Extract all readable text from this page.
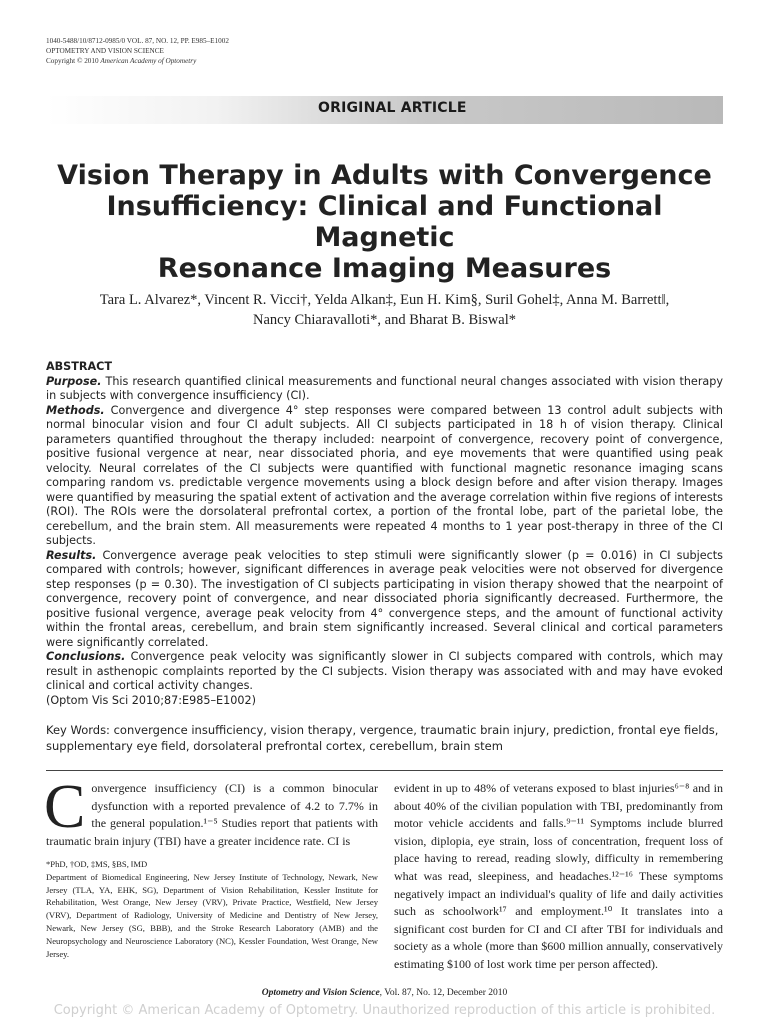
1040-5488/10/8712-0985/0 VOL. 87, NO. 12, PP. E985–E1002
OPTOMETRY AND VISION SCIENCE
Copyright © 2010 American Academy of Optometry
ORIGINAL ARTICLE
Vision Therapy in Adults with Convergence
Insufficiency: Clinical and Functional Magnetic
Resonance Imaging Measures
Tara L. Alvarez*, Vincent R. Vicci†, Yelda Alkan‡, Eun H. Kim§, Suril Gohel‡, Anna M. Barrett‖,
Nancy Chiaravalloti*, and Bharat B. Biswal*

ABSTRACT

Purpose. This research quantified clinical measurements and functional neural changes associated with vision therapy in subjects with convergence insufficiency (CI).

Methods. Convergence and divergence 4° step responses were compared between 13 control adult subjects with normal binocular vision and four CI adult subjects. All CI subjects participated in 18 h of vision therapy. Clinical parameters quantified throughout the therapy included: nearpoint of convergence, recovery point of convergence, positive fusional vergence at near, near dissociated phoria, and eye movements that were quantified using peak velocity. Neural correlates of the CI subjects were quantified with functional magnetic resonance imaging scans comparing random vs. predictable vergence movements using a block design before and after vision therapy. Images were quantified by measuring the spatial extent of activation and the average correlation within five regions of interests (ROI). The ROIs were the dorsolateral prefrontal cortex, a portion of the frontal lobe, part of the parietal lobe, the cerebellum, and the brain stem. All measurements were repeated 4 months to 1 year post-therapy in three of the CI subjects.

Results. Convergence average peak velocities to step stimuli were significantly slower (p = 0.016) in CI subjects compared with controls; however, significant differences in average peak velocities were not observed for divergence step responses (p = 0.30). The investigation of CI subjects participating in vision therapy showed that the nearpoint of convergence, recovery point of convergence, and near dissociated phoria significantly decreased. Furthermore, the positive fusional vergence, average peak velocity from 4° convergence steps, and the amount of functional activity within the frontal areas, cerebellum, and brain stem significantly increased. Several clinical and cortical parameters were significantly correlated.

Conclusions. Convergence peak velocity was significantly slower in CI subjects compared with controls, which may result in asthenopic complaints reported by the CI subjects. Vision therapy was associated with and may have evoked clinical and cortical activity changes.

(Optom Vis Sci 2010;87:E985–E1002)

Key Words: convergence insufficiency, vision therapy, vergence, traumatic brain injury, prediction, frontal eye fields, supplementary eye field, dorsolateral prefrontal cortex, cerebellum, brain stem
C onvergence insufficiency (CI) is a common binocular dysfunction with a reported prevalence of 4.2 to 7.7% in the general population.¹⁻⁵ Studies report that patients with traumatic brain injury (TBI) have a greater incidence rate. CI is

*PhD, †OD, ‡MS, §BS, ‖MD

Department of Biomedical Engineering, New Jersey Institute of Technology, Newark, New Jersey (TLA, YA, EHK, SG), Department of Vision Rehabilitation, Kessler Institute for Rehabilitation, West Orange, New Jersey (VRV), Private Practice, Westfield, New Jersey (VRV), Department of Radiology, University of Medicine and Dentistry of New Jersey, Newark, New Jersey (SG, BBB), and the Stroke Research Laboratory (AMB) and the Neuropsychology and Neuroscience Laboratory (NC), Kessler Foundation, West Orange, New Jersey.

evident in up to 48% of veterans exposed to blast injuries⁶⁻⁸ and in about 40% of the civilian population with TBI, predominantly from motor vehicle accidents and falls.⁹⁻¹¹ Symptoms include blurred vision, diplopia, eye strain, loss of concentration, frequent loss of place having to reread, reading slowly, difficulty in remembering what was read, sleepiness, and headaches.¹²⁻¹⁶ These symptoms negatively impact an individual's quality of life and daily activities such as schoolwork¹⁷ and employment.¹⁰ It translates into a significant cost burden for CI and CI after TBI for individuals and society as a whole (more than $600 million annually, conservatively estimating $100 of lost work time per person affected).

Optometry and Vision Science, Vol. 87, No. 12, December 2010
Copyright © American Academy of Optometry. Unauthorized reproduction of this article is prohibited.
